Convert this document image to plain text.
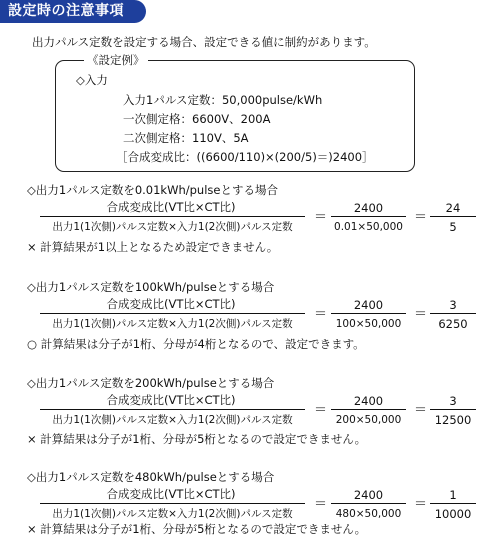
設定時の注意事項
出力パルス定数を設定する場合、設定できる値に制約があります。
《設定例》
◇入力
入力1パルス定数：50,000pulse/kWh
一次側定格：6600V、200A
二次側定格：110V、5A
［合成変成比：((6600/110)×(200/5)＝)2400］
◇出力1パルス定数を0.01kWh/pulseとする場合
合成変成比(VT比×CT比)
出力1(1次側)パルス定数×入力1(2次側)パルス定数
＝
2400
0.01×50,000
＝
24
5
× 計算結果が1以上となるため設定できません。
◇出力1パルス定数を100kWh/pulseとする場合
合成変成比(VT比×CT比)
出力1(1次側)パルス定数×入力1(2次側)パルス定数
＝
2400
100×50,000
＝
3
6250
○ 計算結果は分子が1桁、分母が4桁となるので、設定できます。
◇出力1パルス定数を200kWh/pulseとする場合
合成変成比(VT比×CT比)
出力1(1次側)パルス定数×入力1(2次側)パルス定数
＝
2400
200×50,000
＝
3
12500
× 計算結果は分子が1桁、分母が5桁となるので設定できません。
◇出力1パルス定数を480kWh/pulseとする場合
合成変成比(VT比×CT比)
出力1(1次側)パルス定数×入力1(2次側)パルス定数
＝
2400
480×50,000
＝
1
10000
× 計算結果は分子が1桁、分母が5桁となるので設定できません。
